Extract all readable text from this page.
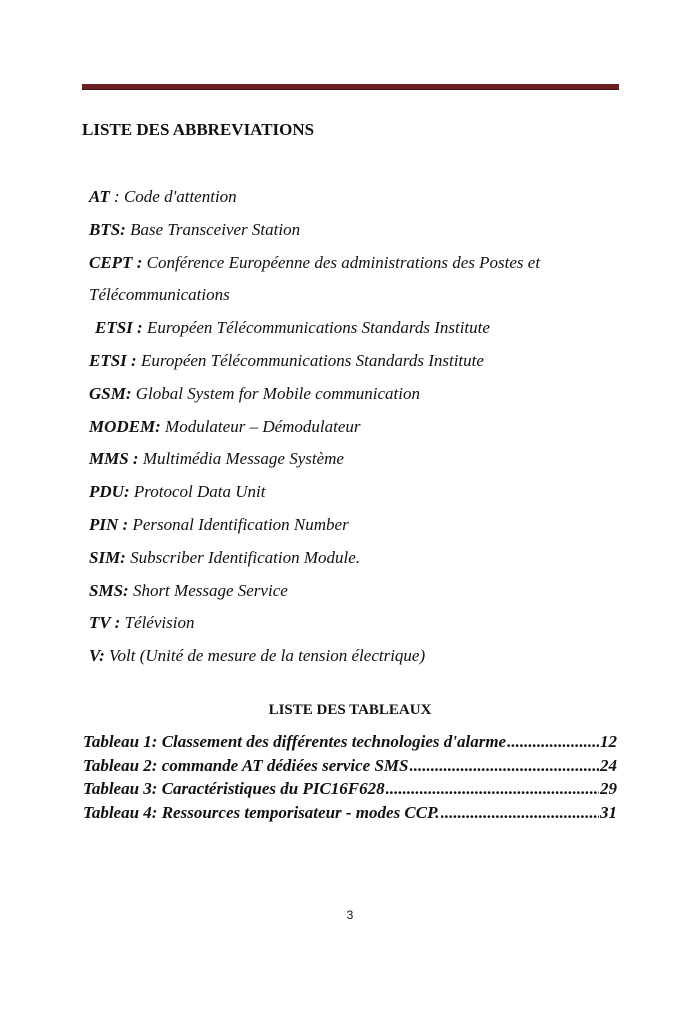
LISTE DES ABBREVIATIONS
AT : Code d'attention
BTS: Base Transceiver Station
CEPT : Conférence Européenne des administrations des Postes et
Télécommunications
ETSI : Européen Télécommunications Standards Institute
ETSI : Européen Télécommunications Standards Institute
GSM: Global System for Mobile communication
MODEM: Modulateur – Démodulateur
MMS : Multimédia Message Système
PDU: Protocol Data Unit
PIN : Personal Identification Number
SIM: Subscriber Identification Module.
SMS: Short Message Service
TV : Télévision
V: Volt (Unité de mesure de la tension électrique)
LISTE DES TABLEAUX
Tableau 1: Classement des différentes technologies d'alarme .....	12
Tableau 2: commande AT dédiées service SMS .....	24
Tableau 3: Caractéristiques du PIC16F628 .....	29
Tableau 4: Ressources temporisateur - modes CCP. .....	31
3
